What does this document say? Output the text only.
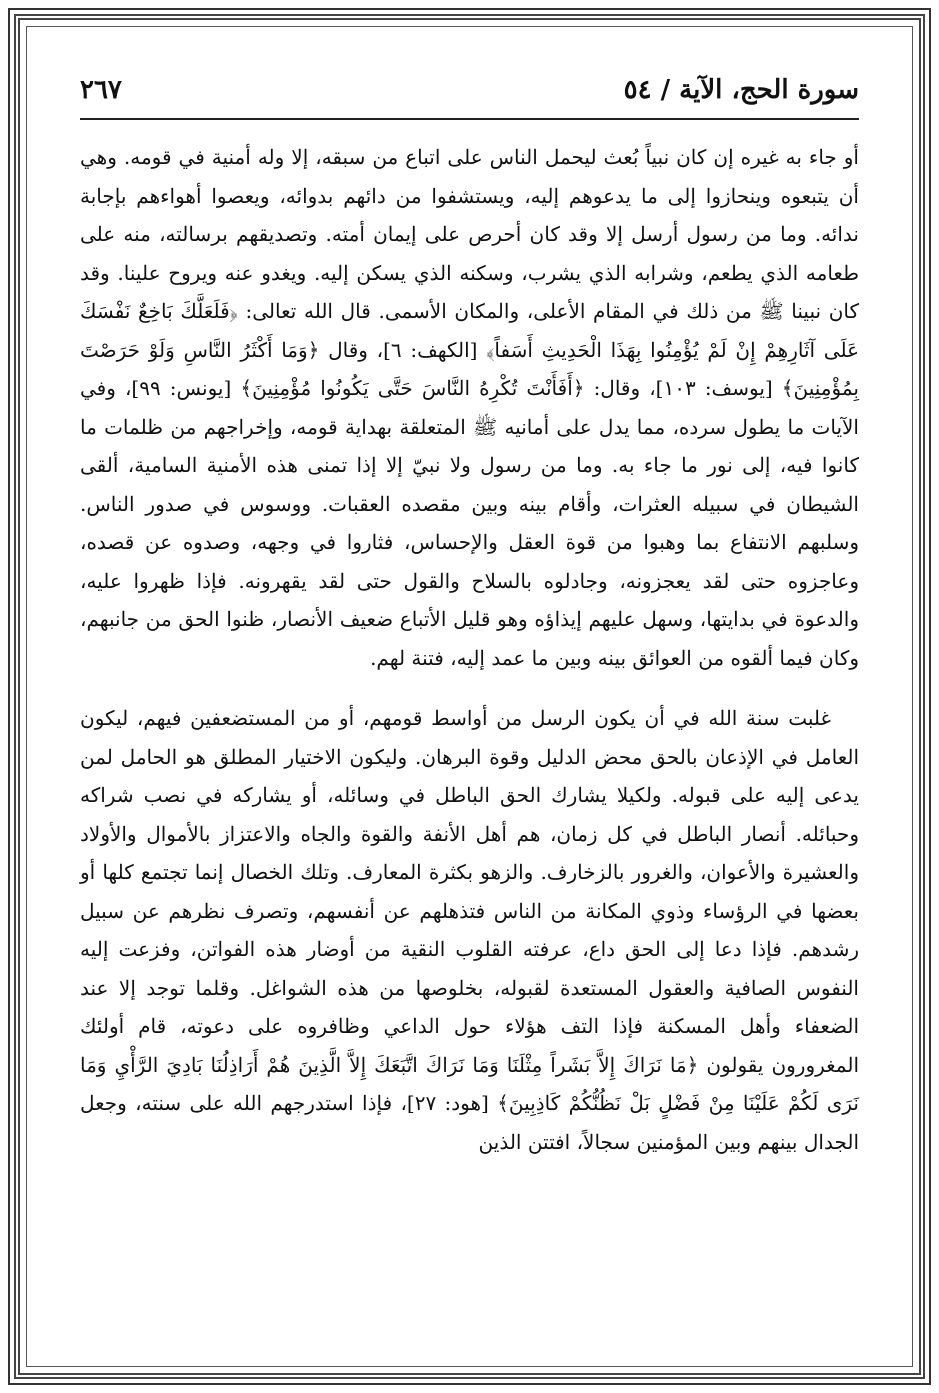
سورة الحج، الآية / ٥٤
٢٦٧

أو جاء به غيره إن كان نبياً بُعث ليحمل الناس على اتباع من سبقه، إلا وله أمنية في قومه. وهي أن يتبعوه وينحازوا إلى ما يدعوهم إليه، ويستشفوا من دائهم بدوائه، ويعصوا أهواءهم بإجابة ندائه. وما من رسول أرسل إلا وقد كان أحرص على إيمان أمته. وتصديقهم برسالته، منه على طعامه الذي يطعم، وشرابه الذي يشرب، وسكنه الذي يسكن إليه. ويغدو عنه ويروح علينا. وقد كان نبينا ﷺ من ذلك في المقام الأعلى، والمكان الأسمى. قال الله تعالى: ﴿فَلَعَلَّكَ بَاخِعٌ نَفْسَكَ عَلَى آثَارِهِمْ إِنْ لَمْ يُؤْمِنُوا بِهَذَا الْحَدِيثِ أَسَفاً﴾ [الكهف: ٦]، وقال ﴿وَمَا أَكْثَرُ النَّاسِ وَلَوْ حَرَصْتَ بِمُؤْمِنِينَ﴾ [يوسف: ١٠٣]، وقال: ﴿أَفَأَنْتَ تُكْرِهُ النَّاسَ حَتَّى يَكُونُوا مُؤْمِنِينَ﴾ [يونس: ٩٩]، وفي الآيات ما يطول سرده، مما يدل على أمانيه ﷺ المتعلقة بهداية قومه، وإخراجهم من ظلمات ما كانوا فيه، إلى نور ما جاء به. وما من رسول ولا نبيّ إلا إذا تمنى هذه الأمنية السامية، ألقى الشيطان في سبيله العثرات، وأقام بينه وبين مقصده العقبات. ووسوس في صدور الناس. وسلبهم الانتفاع بما وهبوا من قوة العقل والإحساس، فثاروا في وجهه، وصدوه عن قصده، وعاجزوه حتى لقد يعجزونه، وجادلوه بالسلاح والقول حتى لقد يقهرونه. فإذا ظهروا عليه، والدعوة في بدايتها، وسهل عليهم إيذاؤه وهو قليل الأتباع ضعيف الأنصار، ظنوا الحق من جانبهم، وكان فيما ألقوه من العوائق بينه وبين ما عمد إليه، فتنة لهم.

غلبت سنة الله في أن يكون الرسل من أواسط قومهم، أو من المستضعفين فيهم، ليكون العامل في الإذعان بالحق محض الدليل وقوة البرهان. وليكون الاختيار المطلق هو الحامل لمن يدعى إليه على قبوله. ولكيلا يشارك الحق الباطل في وسائله، أو يشاركه في نصب شراكه وحبائله. أنصار الباطل في كل زمان، هم أهل الأنفة والقوة والجاه والاعتزاز بالأموال والأولاد والعشيرة والأعوان، والغرور بالزخارف. والزهو بكثرة المعارف. وتلك الخصال إنما تجتمع كلها أو بعضها في الرؤساء وذوي المكانة من الناس فتذهلهم عن أنفسهم، وتصرف نظرهم عن سبيل رشدهم. فإذا دعا إلى الحق داع، عرفته القلوب النقية من أوضار هذه الفواتن، وفزعت إليه النفوس الصافية والعقول المستعدة لقبوله، بخلوصها من هذه الشواغل. وقلما توجد إلا عند الضعفاء وأهل المسكنة فإذا التف هؤلاء حول الداعي وظافروه على دعوته، قام أولئك المغرورون يقولون ﴿مَا نَرَاكَ إِلاَّ بَشَراً مِثْلَنَا وَمَا نَرَاكَ اتَّبَعَكَ إِلاَّ الَّذِينَ هُمْ أَرَاذِلُنَا بَادِيَ الرَّأْيِ وَمَا نَرَى لَكُمْ عَلَيْنَا مِنْ فَضْلٍ بَلْ نَظُنُّكُمْ كَاذِبِينَ﴾ [هود: ٢٧]، فإذا استدرجهم الله على سنته، وجعل الجدال بينهم وبين المؤمنين سجالاً، افتتن الذين
